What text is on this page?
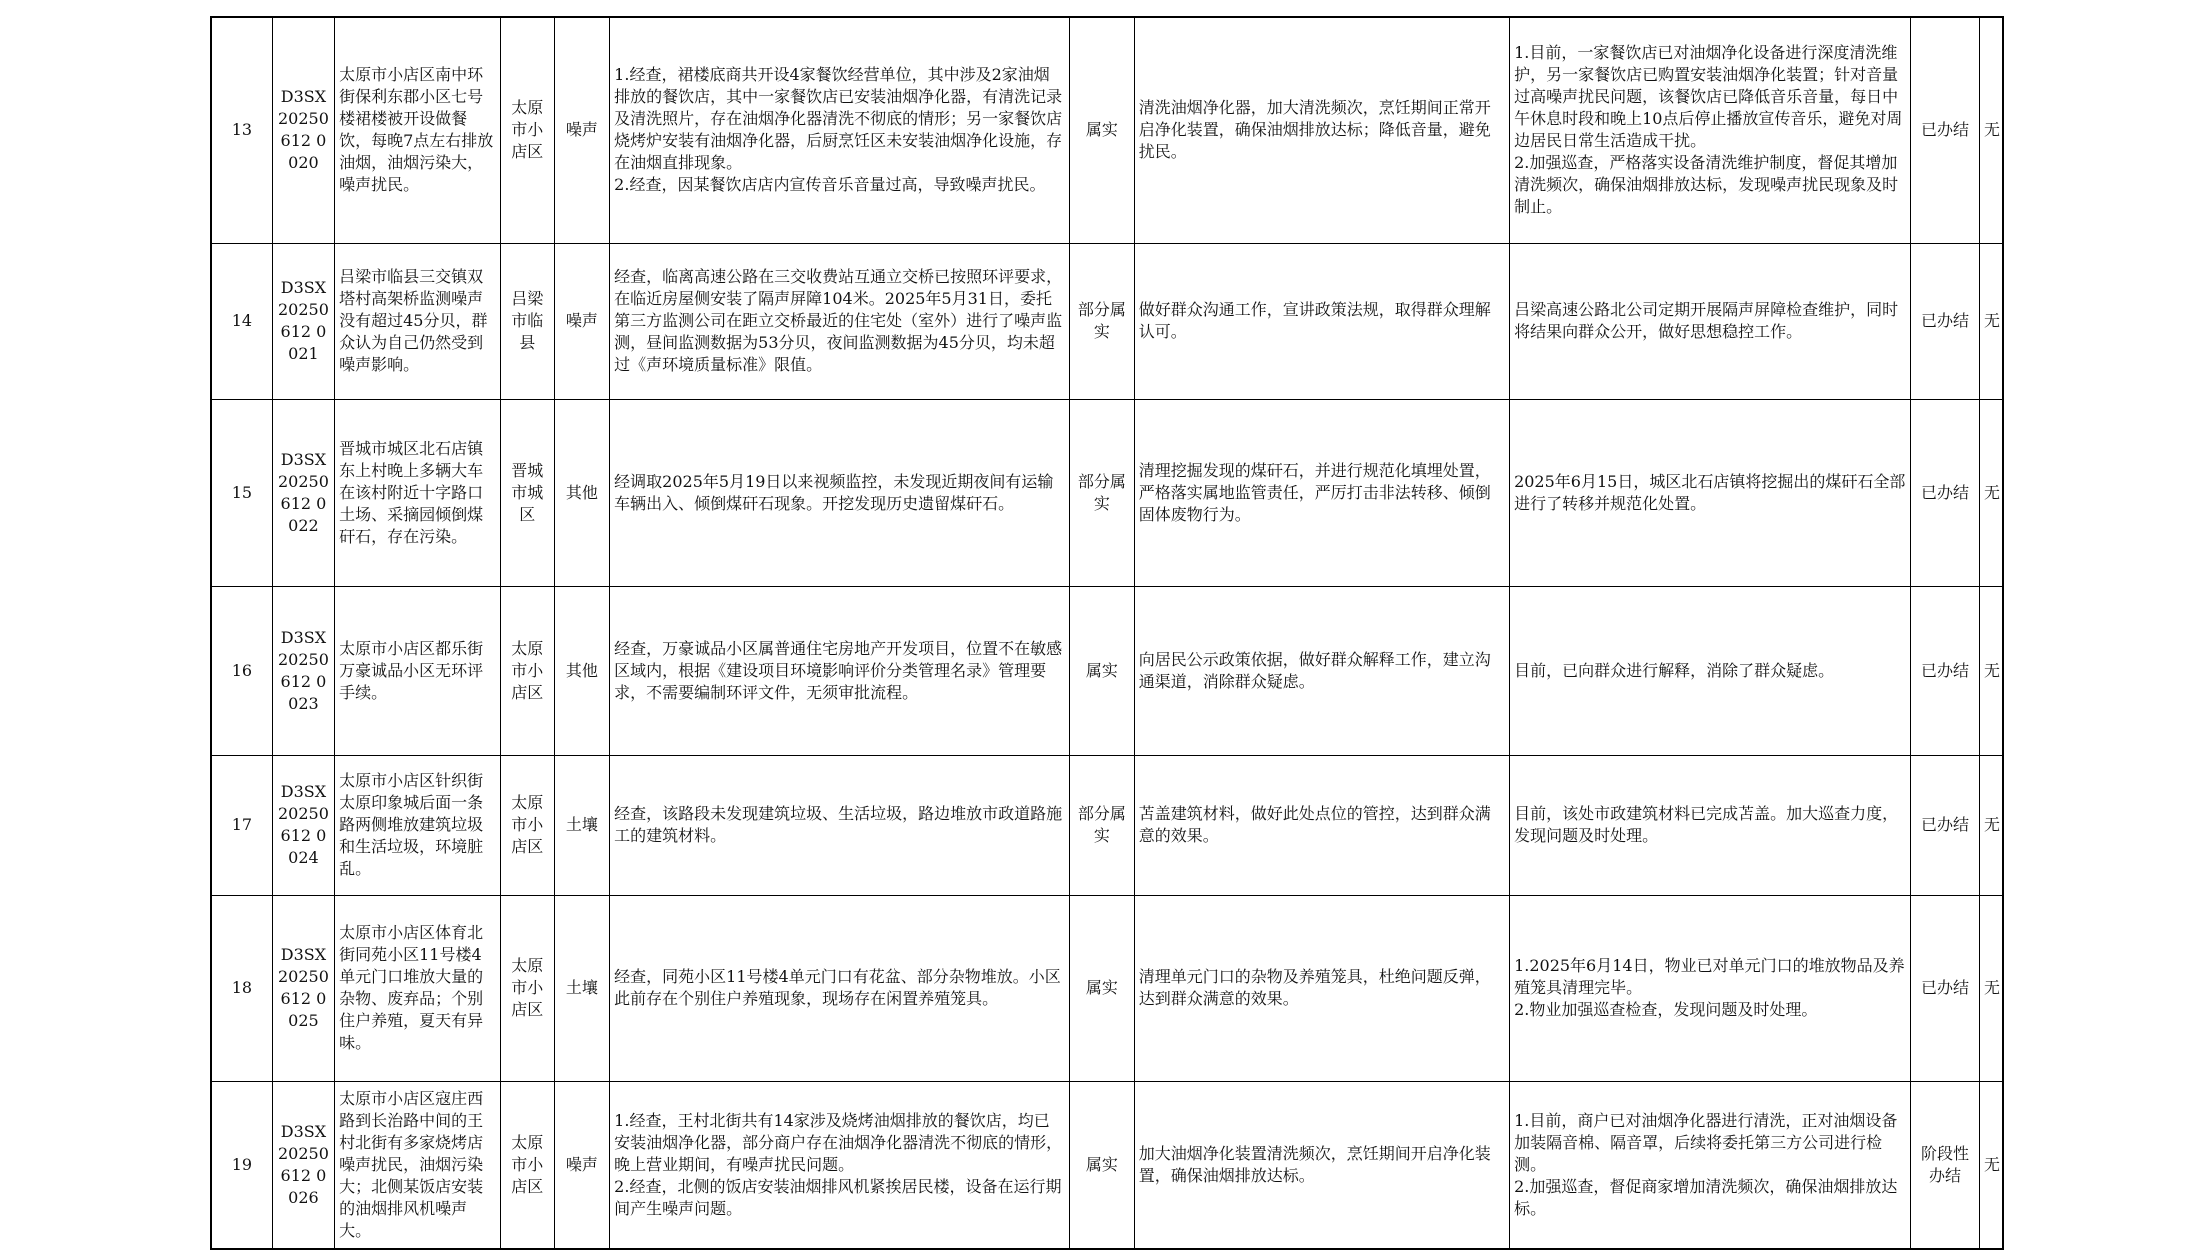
13	D3SX20250612 0020	太原市小店区南中环街保利东郡小区七号楼裙楼被开设做餐饮，每晚7点左右排放油烟，油烟污染大，噪声扰民。	太原市小店区	噪声	1.经查，裙楼底商共开设4家餐饮经营单位，其中涉及2家油烟排放的餐饮店，其中一家餐饮店已安装油烟净化器，有清洗记录及清洗照片，存在油烟净化器清洗不彻底的情形；另一家餐饮店烧烤炉安装有油烟净化器，后厨烹饪区未安装油烟净化设施，存在油烟直排现象。
2.经查，因某餐饮店店内宣传音乐音量过高，导致噪声扰民。	属实	清洗油烟净化器，加大清洗频次，烹饪期间正常开启净化装置，确保油烟排放达标；降低音量，避免扰民。	1.目前，一家餐饮店已对油烟净化设备进行深度清洗维护，另一家餐饮店已购置安装油烟净化装置；针对音量过高噪声扰民问题，该餐饮店已降低音乐音量，每日中午休息时段和晚上10点后停止播放宣传音乐，避免对周边居民日常生活造成干扰。
2.加强巡查，严格落实设备清洗维护制度，督促其增加清洗频次，确保油烟排放达标，发现噪声扰民现象及时制止。	已办结	无
14	D3SX20250612 0021	吕梁市临县三交镇双塔村高架桥监测噪声没有超过45分贝，群众认为自己仍然受到噪声影响。	吕梁市临县	噪声	经查，临离高速公路在三交收费站互通立交桥已按照环评要求，在临近房屋侧安装了隔声屏障104米。2025年5月31日，委托第三方监测公司在距立交桥最近的住宅处（室外）进行了噪声监测，昼间监测数据为53分贝，夜间监测数据为45分贝，均未超过《声环境质量标准》限值。	部分属实	做好群众沟通工作，宣讲政策法规，取得群众理解认可。	吕梁高速公路北公司定期开展隔声屏障检查维护，同时将结果向群众公开，做好思想稳控工作。	已办结	无
15	D3SX20250612 0022	晋城市城区北石店镇东上村晚上多辆大车在该村附近十字路口土场、采摘园倾倒煤矸石，存在污染。	晋城市城区	其他	经调取2025年5月19日以来视频监控，未发现近期夜间有运输车辆出入、倾倒煤矸石现象。开挖发现历史遗留煤矸石。	部分属实	清理挖掘发现的煤矸石，并进行规范化填埋处置，严格落实属地监管责任，严厉打击非法转移、倾倒固体废物行为。	2025年6月15日，城区北石店镇将挖掘出的煤矸石全部进行了转移并规范化处置。	已办结	无
16	D3SX20250612 0023	太原市小店区都乐街万豪诚品小区无环评手续。	太原市小店区	其他	经查，万豪诚品小区属普通住宅房地产开发项目，位置不在敏感区域内，根据《建设项目环境影响评价分类管理名录》管理要求，不需要编制环评文件，无须审批流程。	属实	向居民公示政策依据，做好群众解释工作，建立沟通渠道，消除群众疑虑。	目前，已向群众进行解释，消除了群众疑虑。	已办结	无
17	D3SX20250612 0024	太原市小店区针织街太原印象城后面一条路两侧堆放建筑垃圾和生活垃圾，环境脏乱。	太原市小店区	土壤	经查，该路段未发现建筑垃圾、生活垃圾，路边堆放市政道路施工的建筑材料。	部分属实	苫盖建筑材料，做好此处点位的管控，达到群众满意的效果。	目前，该处市政建筑材料已完成苫盖。加大巡查力度，发现问题及时处理。	已办结	无
18	D3SX20250612 0025	太原市小店区体育北街同苑小区11号楼4单元门口堆放大量的杂物、废弃品；个别住户养殖，夏天有异味。	太原市小店区	土壤	经查，同苑小区11号楼4单元门口有花盆、部分杂物堆放。小区此前存在个别住户养殖现象，现场存在闲置养殖笼具。	属实	清理单元门口的杂物及养殖笼具，杜绝问题反弹，达到群众满意的效果。	1.2025年6月14日，物业已对单元门口的堆放物品及养殖笼具清理完毕。
2.物业加强巡查检查，发现问题及时处理。	已办结	无
19	D3SX20250612 0026	太原市小店区寇庄西路到长治路中间的王村北街有多家烧烤店噪声扰民，油烟污染大；北侧某饭店安装的油烟排风机噪声大。	太原市小店区	噪声	1.经查，王村北街共有14家涉及烧烤油烟排放的餐饮店，均已安装油烟净化器，部分商户存在油烟净化器清洗不彻底的情形，晚上营业期间，有噪声扰民问题。
2.经查，北侧的饭店安装油烟排风机紧挨居民楼，设备在运行期间产生噪声问题。	属实	加大油烟净化装置清洗频次，烹饪期间开启净化装置，确保油烟排放达标。	1.目前，商户已对油烟净化器进行清洗，正对油烟设备加装隔音棉、隔音罩，后续将委托第三方公司进行检测。
2.加强巡查，督促商家增加清洗频次，确保油烟排放达标。	阶段性办结	无
